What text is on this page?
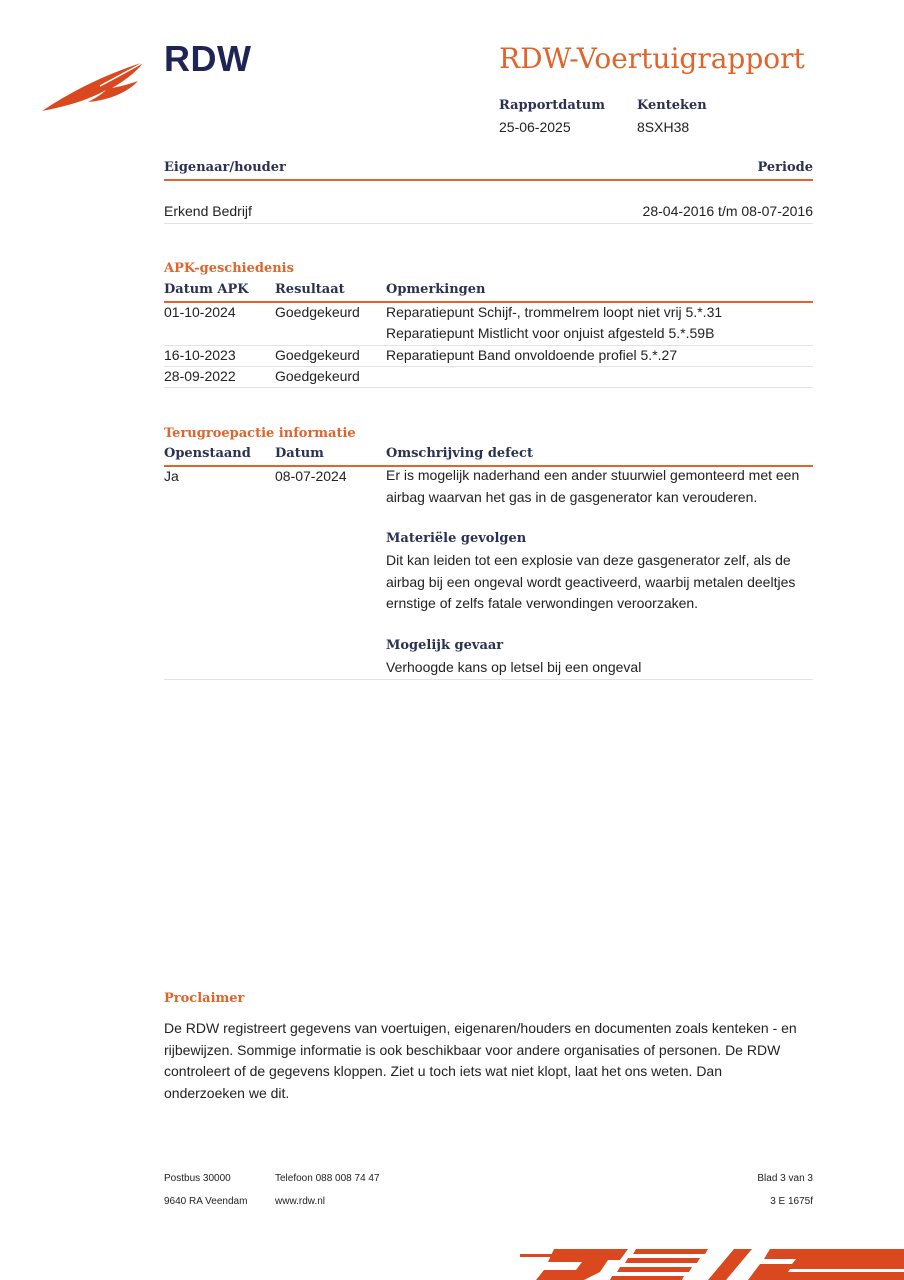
RDW	RDW-Voertuigrapport
Rapportdatum
25-06-2025
Kenteken
8SXH38
Eigenaar/houder	Periode
Erkend Bedrijf	28-04-2016 t/m 08-07-2016
APK-geschiedenis
Datum APK Resultaat	Opmerkingen
01-10-2024	Goedgekeurd Reparatiepunt Schijf-, trommelrem loopt niet vrij 5.*.31
Reparatiepunt Mistlicht voor onjuist afgesteld 5.*.59B
16-10-2023	Goedgekeurd Reparatiepunt Band onvoldoende profiel 5.*.27
28-09-2022	Goedgekeurd
Terugroepactie informatie
Openstaand Datum	Omschrijving defect
Ja	08-07-2024	Er is mogelijk naderhand een ander stuurwiel gemonteerd met een airbag waarvan het gas in de gasgenerator kan verouderen.
Materiële gevolgen
Dit kan leiden tot een explosie van deze gasgenerator zelf, als de airbag bij een ongeval wordt geactiveerd, waarbij metalen deeltjes ernstige of zelfs fatale verwondingen veroorzaken.
Mogelijk gevaar
Verhoogde kans op letsel bij een ongeval
Proclaimer
De RDW registreert gegevens van voertuigen, eigenaren/houders en documenten zoals kenteken - en rijbewijzen. Sommige informatie is ook beschikbaar voor andere organisaties of personen. De RDW controleert of de gegevens kloppen. Ziet u toch iets wat niet klopt, laat het ons weten. Dan onderzoeken we dit.
Postbus 30000
9640 RA Veendam
Telefoon 088 008 74 47
www.rdw.nl
Blad 3 van 3
3 E 1675f
